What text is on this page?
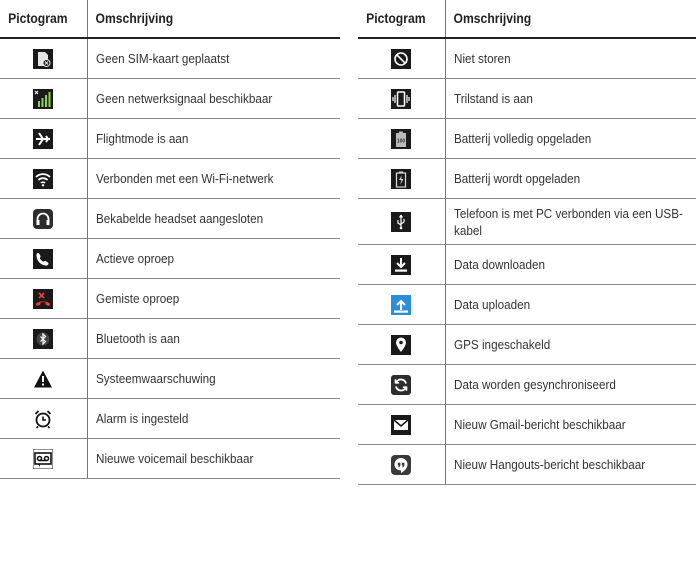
Pictogram	Omschrijving

	Geen SIM-kaart geplaatst

	Geen netwerksignaal beschikbaar

	Flightmode is aan

	Verbonden met een Wi-Fi-netwerk

	Bekabelde headset aangesloten

	Actieve oproep

	Gemiste oproep

	Bluetooth is aan

	Systeemwaarschuwing

	Alarm is ingesteld

	Nieuwe voicemail beschikbaar
Pictogram	Omschrijving

	Niet storen

	Trilstand is aan

100	Batterij volledig opgeladen

	Batterij wordt opgeladen

	Telefoon is met PC verbonden via een USB-kabel

	Data downloaden

	Data uploaden

	GPS ingeschakeld

	Data worden gesynchroniseerd

	Nieuw Gmail-bericht beschikbaar

	Nieuw Hangouts-bericht beschikbaar
